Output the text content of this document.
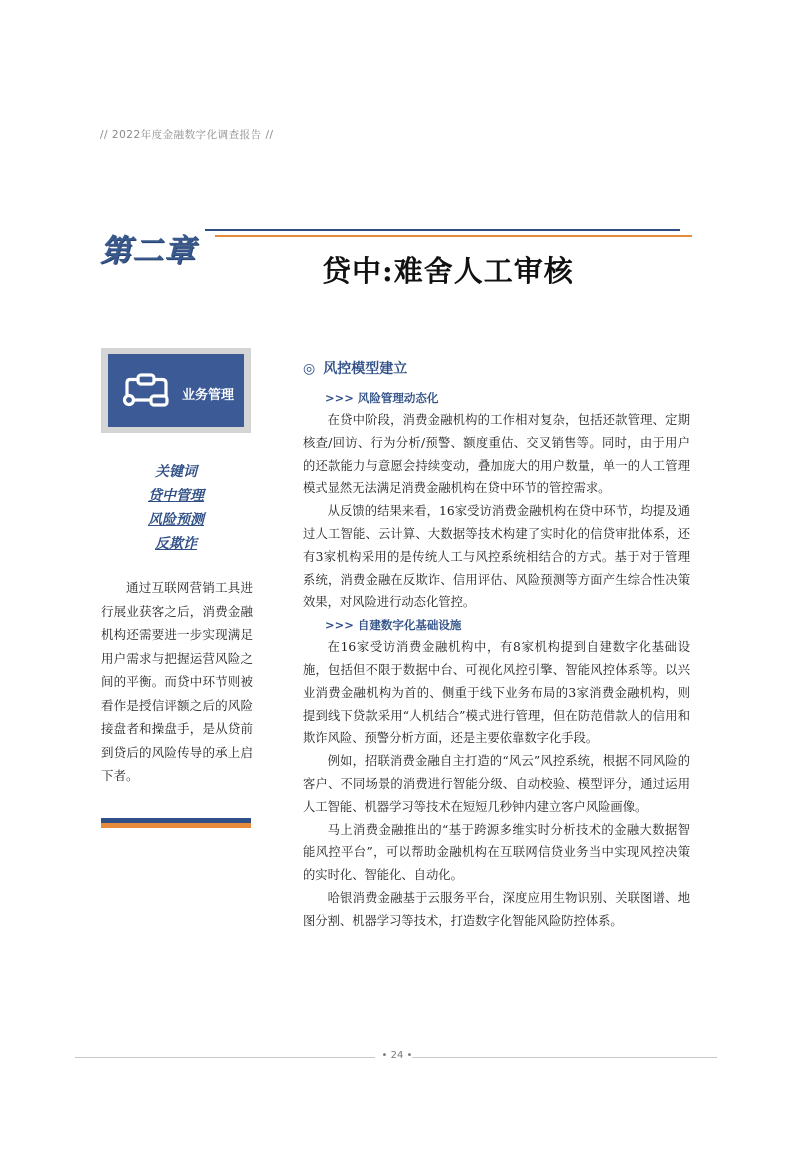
// 2022年度金融数字化调查报告 //
第二章
贷中:难舍人工审核
业务管理
关键词
贷中管理
风险预测
反欺诈
通过互联网营销工具进行展业获客之后，消费金融机构还需要进一步实现满足用户需求与把握运营风险之间的平衡。而贷中环节则被看作是授信评额之后的风险接盘者和操盘手，是从贷前到贷后的风险传导的承上启下者。
◎ 风控模型建立
>>> 风险管理动态化

在贷中阶段，消费金融机构的工作相对复杂，包括还款管理、定期核查/回访、行为分析/预警、额度重估、交叉销售等。同时，由于用户的还款能力与意愿会持续变动，叠加庞大的用户数量，单一的人工管理模式显然无法满足消费金融机构在贷中环节的管控需求。

从反馈的结果来看，16家受访消费金融机构在贷中环节，均提及通过人工智能、云计算、大数据等技术构建了实时化的信贷审批体系，还有3家机构采用的是传统人工与风控系统相结合的方式。基于对于管理系统，消费金融在反欺诈、信用评估、风险预测等方面产生综合性决策效果，对风险进行动态化管控。

>>> 自建数字化基础设施

在16家受访消费金融机构中，有8家机构提到自建数字化基础设施，包括但不限于数据中台、可视化风控引擎、智能风控体系等。以兴业消费金融机构为首的、侧重于线下业务布局的3家消费金融机构，则提到线下贷款采用“人机结合”模式进行管理，但在防范借款人的信用和欺诈风险、预警分析方面，还是主要依靠数字化手段。

例如，招联消费金融自主打造的“风云”风控系统，根据不同风险的客户、不同场景的消费进行智能分级、自动校验、模型评分，通过运用人工智能、机器学习等技术在短短几秒钟内建立客户风险画像。

马上消费金融推出的“基于跨源多维实时分析技术的金融大数据智能风控平台”，可以帮助金融机构在互联网信贷业务当中实现风控决策的实时化、智能化、自动化。

哈银消费金融基于云服务平台，深度应用生物识别、关联图谱、地图分割、机器学习等技术，打造数字化智能风险防控体系。

• 24 •
